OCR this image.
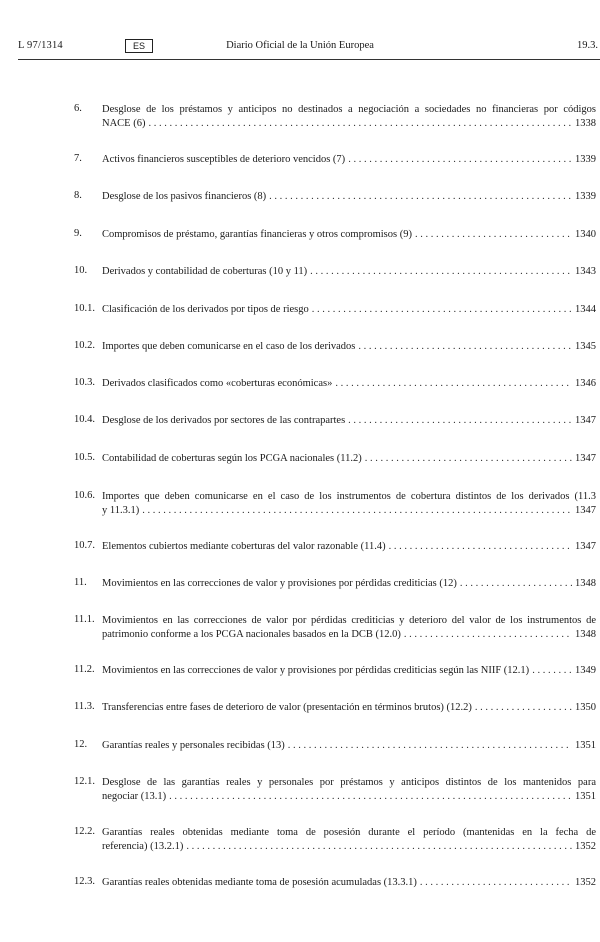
L 97/1314	ES	Diario Oficial de la Unión Europea	19.3.
6. Desglose de los préstamos y anticipos no destinados a negociación a sociedades no financieras por códigos
NACE (6) . . .	1338
7. Activos financieros susceptibles de deterioro vencidos (7) . . .	1339
8. Desglose de los pasivos financieros (8) . . .	1339
9. Compromisos de préstamo, garantías financieras y otros compromisos (9) . . .	1340
10. Derivados y contabilidad de coberturas (10 y 11) . . .	1343
10.1. Clasificación de los derivados por tipos de riesgo . . .	1344
10.2. Importes que deben comunicarse en el caso de los derivados . . .	1345
10.3. Derivados clasificados como «coberturas económicas» . . .	1346
10.4. Desglose de los derivados por sectores de las contrapartes . . .	1347
10.5. Contabilidad de coberturas según los PCGA nacionales (11.2) . . .	1347
10.6. Importes que deben comunicarse en el caso de los instrumentos de cobertura distintos de los derivados (11.3
y 11.3.1) . . .	1347
10.7. Elementos cubiertos mediante coberturas del valor razonable (11.4) . . .	1347
11. Movimientos en las correcciones de valor y provisiones por pérdidas crediticias (12) . . .	1348
11.1. Movimientos en las correcciones de valor por pérdidas crediticias y deterioro del valor de los instrumentos de
patrimonio conforme a los PCGA nacionales basados en la DCB (12.0) . . .	1348
11.2. Movimientos en las correcciones de valor y provisiones por pérdidas crediticias según las NIIF (12.1) . . .	1349
11.3. Transferencias entre fases de deterioro de valor (presentación en términos brutos) (12.2) . . .	1350
12. Garantías reales y personales recibidas (13) . . .	1351
12.1. Desglose de las garantías reales y personales por préstamos y anticipos distintos de los mantenidos para
negociar (13.1) . . .	1351
12.2. Garantías reales obtenidas mediante toma de posesión durante el período (mantenidas en la fecha de
referencia) (13.2.1) . . .	1352
12.3. Garantías reales obtenidas mediante toma de posesión acumuladas (13.3.1) . . .	1352
